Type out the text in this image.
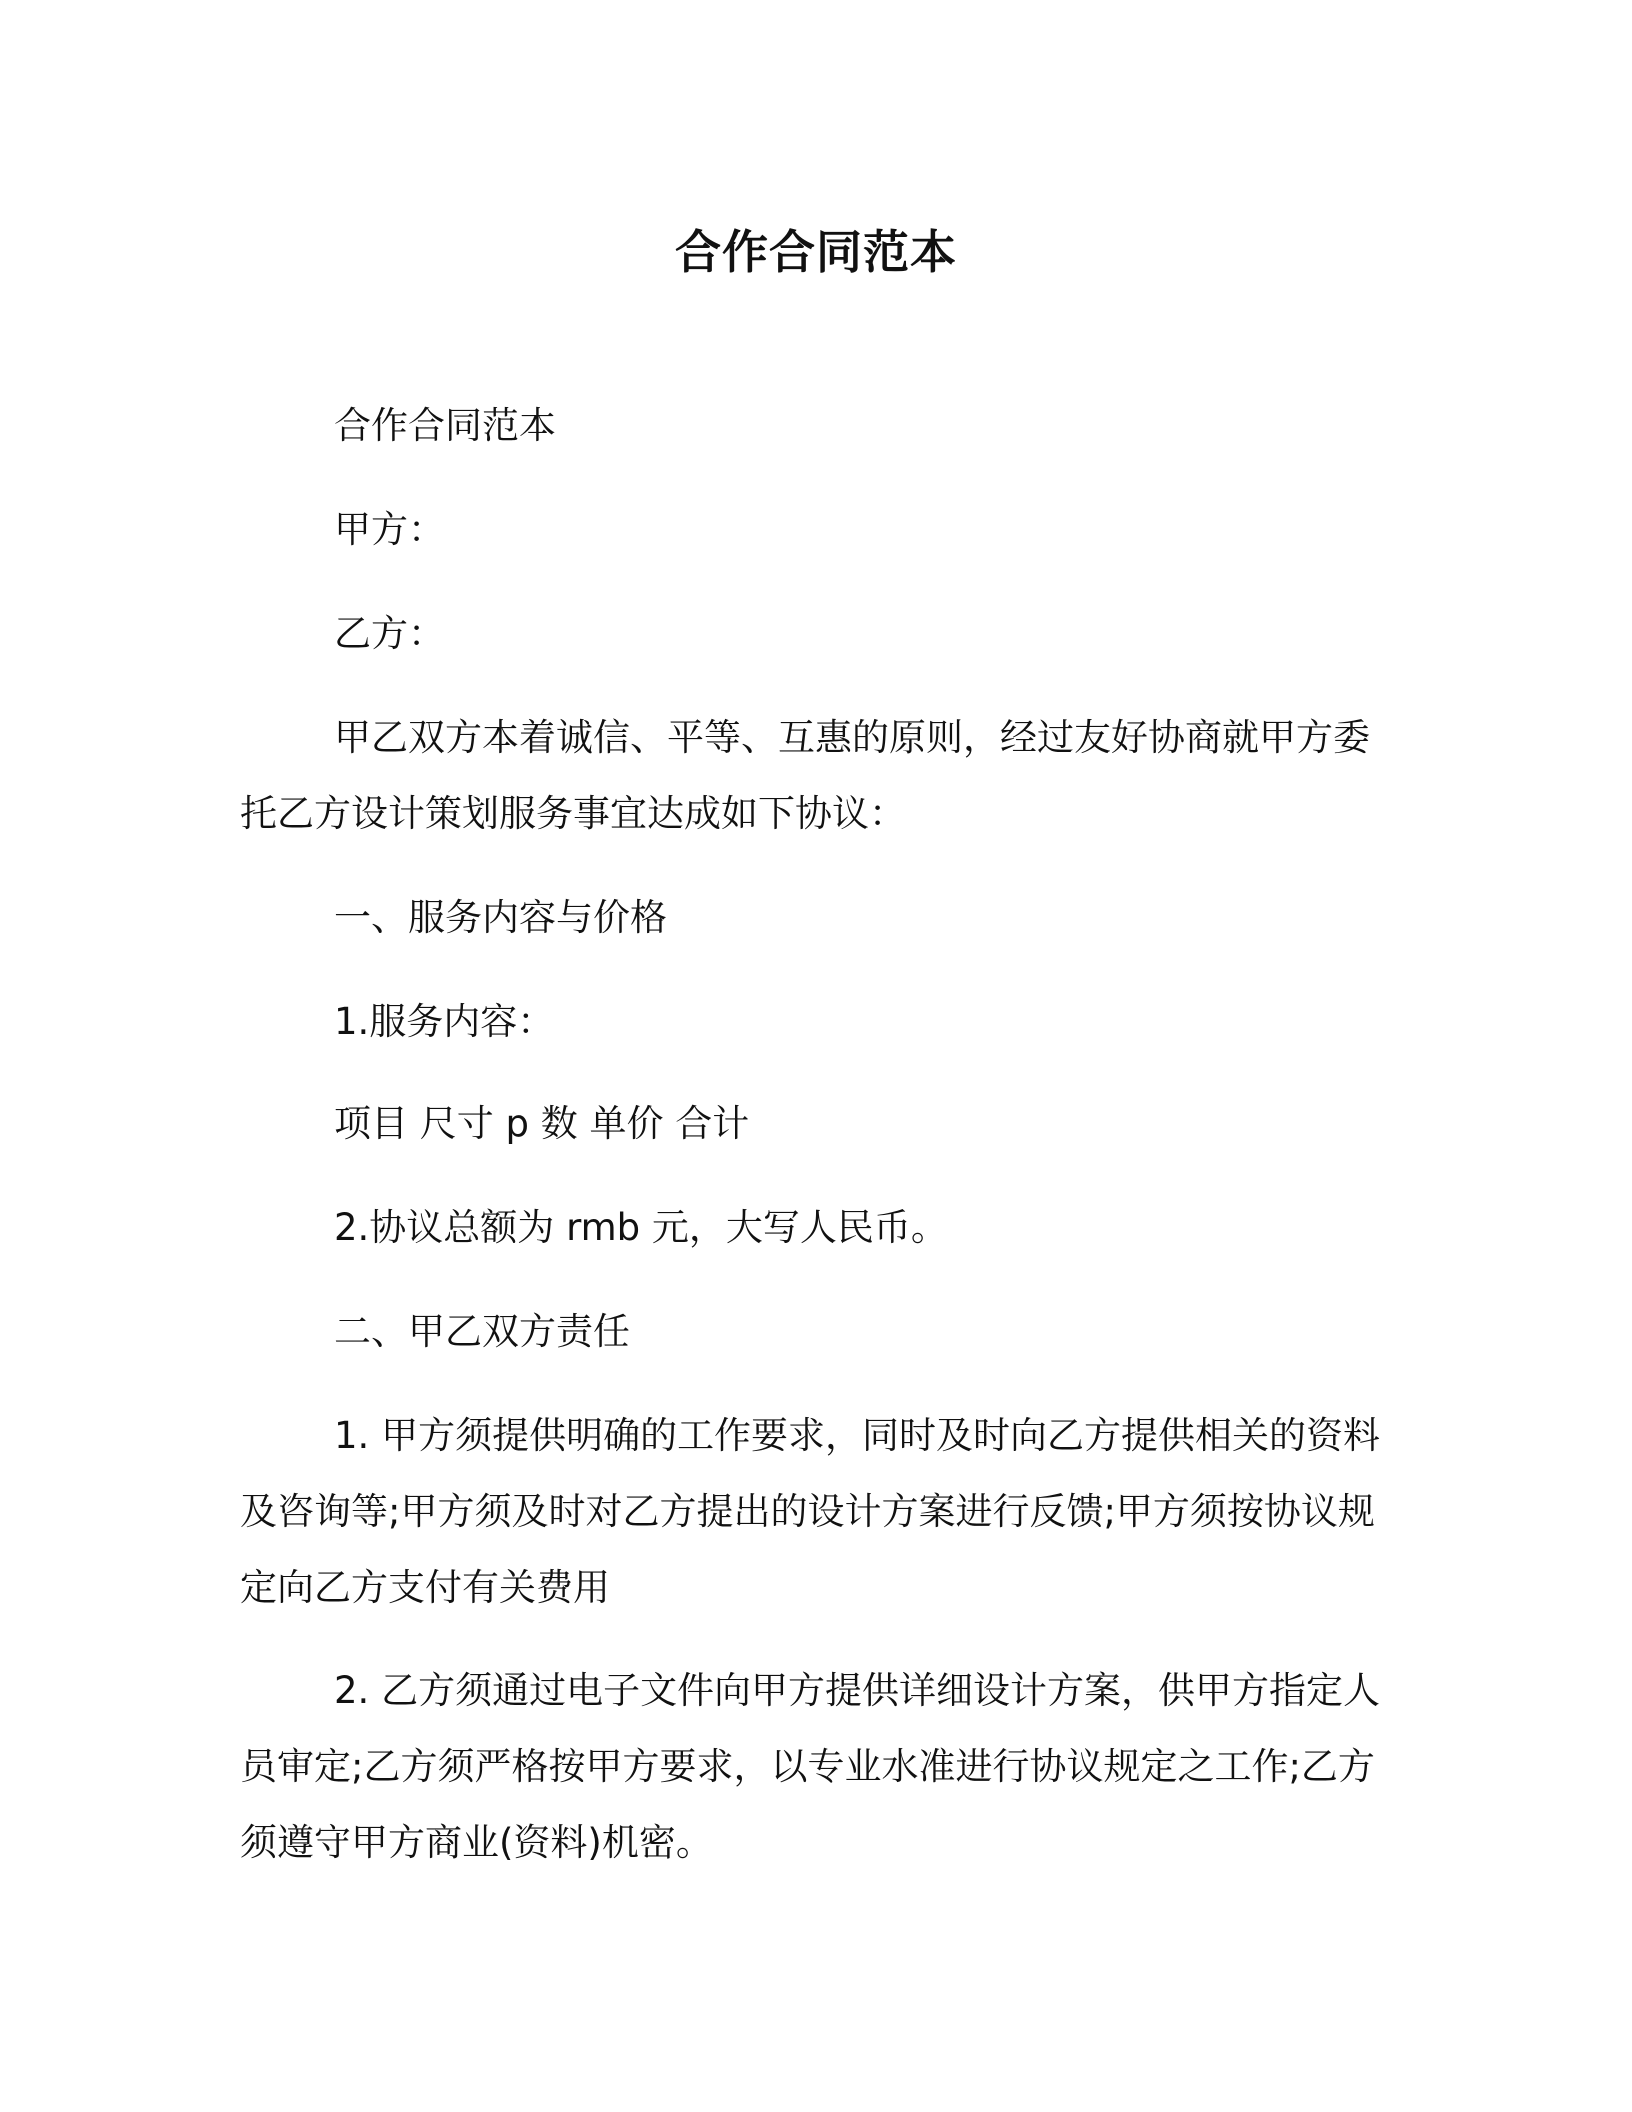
合作合同范本

合作合同范本

甲方：

乙方：

甲乙双方本着诚信、平等、互惠的原则，经过友好协商就甲方委托乙方设计策划服务事宜达成如下协议：

一、服务内容与价格

1.服务内容：

项目 尺寸 p 数 单价 合计

2.协议总额为 rmb 元，大写人民币。

二、甲乙双方责任

1. 甲方须提供明确的工作要求，同时及时向乙方提供相关的资料及咨询等;甲方须及时对乙方提出的设计方案进行反馈;甲方须按协议规定向乙方支付有关费用

2. 乙方须通过电子文件向甲方提供详细设计方案，供甲方指定人员审定;乙方须严格按甲方要求，以专业水准进行协议规定之工作;乙方须遵守甲方商业(资料)机密。
